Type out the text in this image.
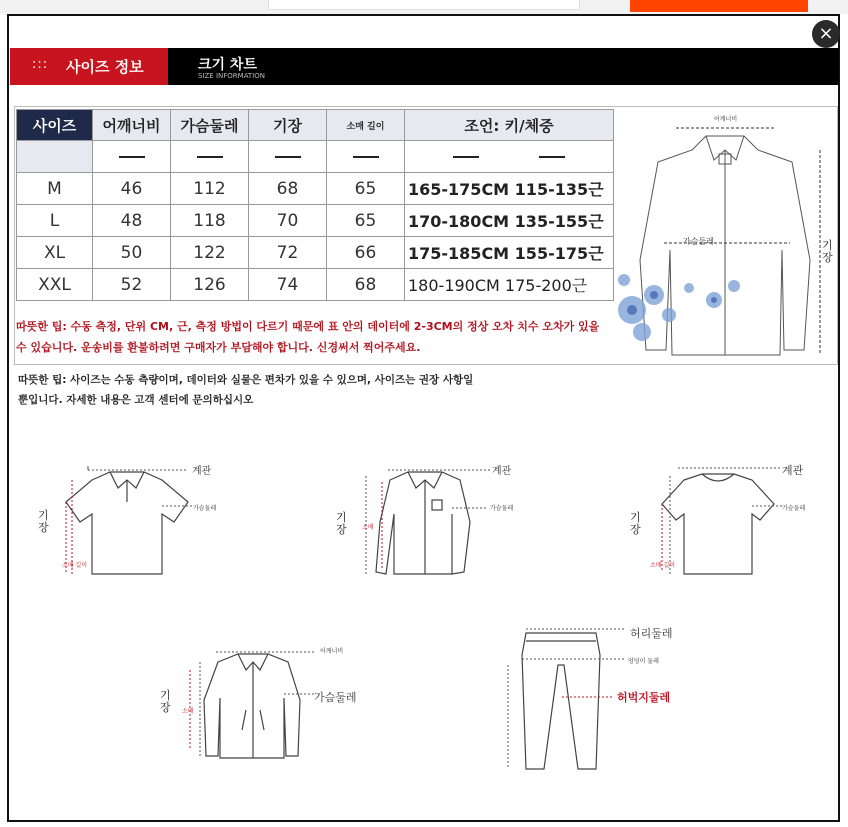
×
::: 사이즈 정보	크기 차트
SIZE INFORMATION
사이즈	어깨너비	가슴둘레	기장	소매 길이	조언: 키/체중

M	46	112	68	65	165-175CM 115-135근
L	48	118	70	65	170-180CM 135-155근
XL	50	122	72	66	175-185CM 155-175근
XXL	52	126	74	68	180-190CM 175-200근
따뜻한 팁: 수동 측정, 단위 CM, 근, 측정 방법이 다르기 때문에 표 안의 데이터에 2-3CM의 정상 오차 치수 오차가 있을
수 있습니다. 운송비를 환불하려면 구매자가 부담해야 합니다. 신경써서 찍어주세요.
어깨너비
가슴둘레	기장
따뜻한 팁: 사이즈는 수동 측량이며, 데이터와 실물은 편차가 있을 수 있으며, 사이즈는 권장 사항일
뿐입니다. 자세한 내용은 고객 센터에 문의하십시오
계관
가슴둘레
기장
소매 길이
계관
가슴둘레
기장	소매
계관
가슴둘레
기장
소매 길이
어깨너비
가슴둘레
기장 소매
허리둘레
엉덩이 둘레
허벅지둘레
